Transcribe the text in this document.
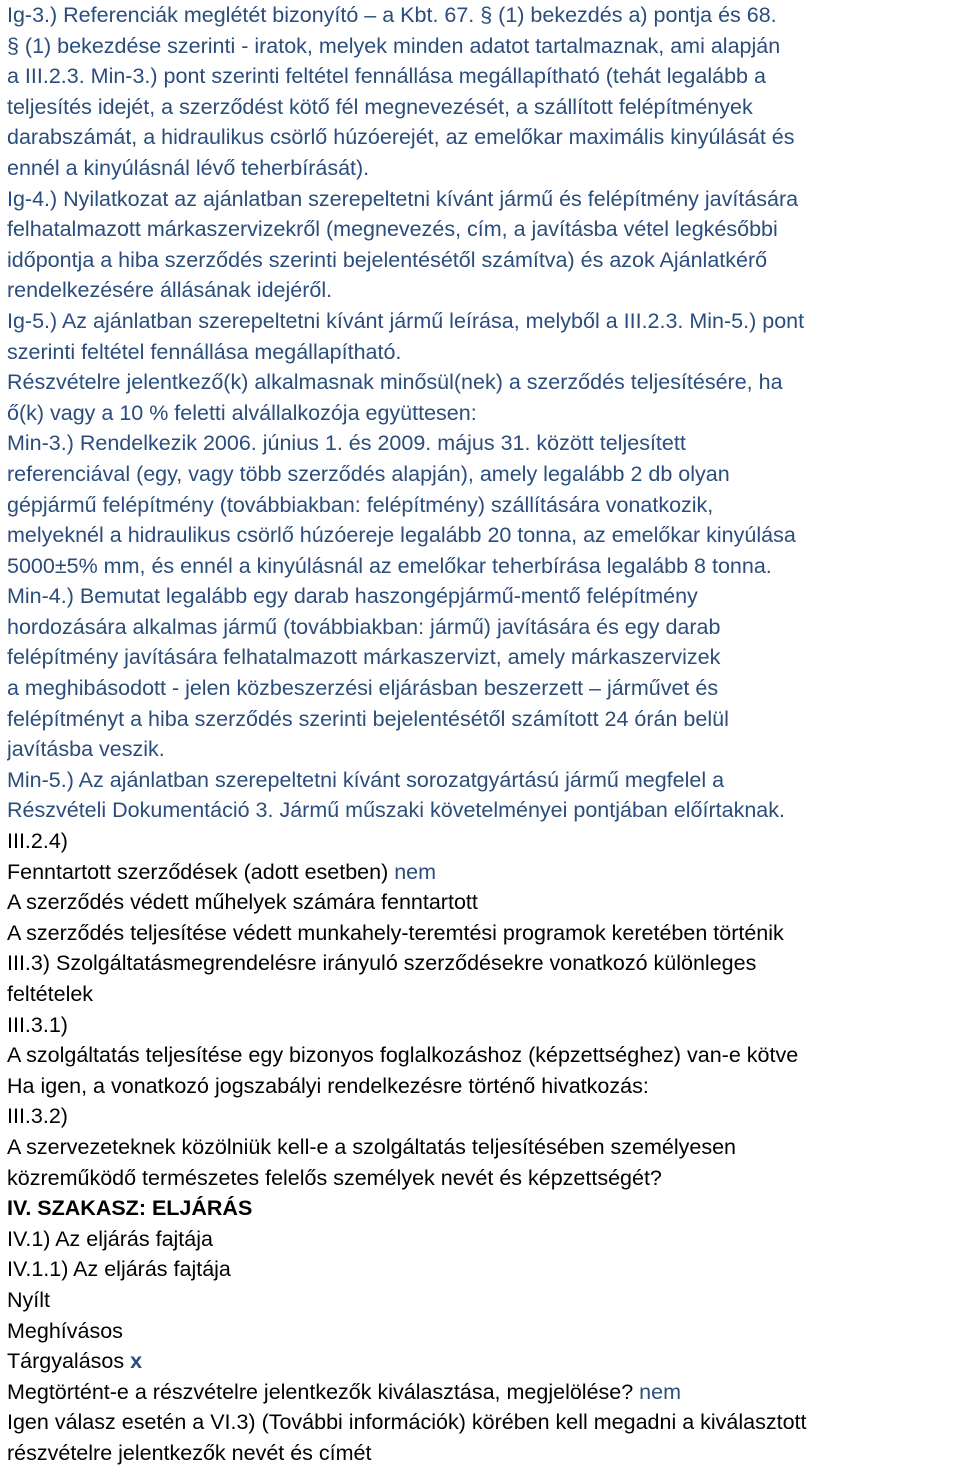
Ig-3.) Referenciák meglétét bizonyító – a Kbt. 67. § (1) bekezdés a) pontja és 68.
§ (1) bekezdése szerinti - iratok, melyek minden adatot tartalmaznak, ami alapján
a III.2.3. Min-3.) pont szerinti feltétel fennállása megállapítható (tehát legalább a
teljesítés idejét, a szerződést kötő fél megnevezését, a szállított felépítmények
darabszámát, a hidraulikus csörlő húzóerejét, az emelőkar maximális kinyúlását és
ennél a kinyúlásnál lévő teherbírását).
Ig-4.) Nyilatkozat az ajánlatban szerepeltetni kívánt jármű és felépítmény javítására
felhatalmazott márkaszervizekről (megnevezés, cím, a javításba vétel legkésőbbi
időpontja a hiba szerződés szerinti bejelentésétől számítva) és azok Ajánlatkérő
rendelkezésére állásának idejéről.
Ig-5.) Az ajánlatban szerepeltetni kívánt jármű leírása, melyből a III.2.3. Min-5.) pont
szerinti feltétel fennállása megállapítható.
Részvételre jelentkező(k) alkalmasnak minősül(nek) a szerződés teljesítésére, ha
ő(k) vagy a 10 % feletti alvállalkozója együttesen:
Min-3.) Rendelkezik 2006. június 1. és 2009. május 31. között teljesített
referenciával (egy, vagy több szerződés alapján), amely legalább 2 db olyan
gépjármű felépítmény (továbbiakban: felépítmény) szállítására vonatkozik,
melyeknél a hidraulikus csörlő húzóereje legalább 20 tonna, az emelőkar kinyúlása
5000±5% mm, és ennél a kinyúlásnál az emelőkar teherbírása legalább 8 tonna.
Min-4.) Bemutat legalább egy darab haszongépjármű-mentő felépítmény
hordozására alkalmas jármű (továbbiakban: jármű) javítására és egy darab
felépítmény javítására felhatalmazott márkaszervizt, amely márkaszervizek
a meghibásodott - jelen közbeszerzési eljárásban beszerzett – járművet és
felépítményt a hiba szerződés szerinti bejelentésétől számított 24 órán belül
javításba veszik.
Min-5.) Az ajánlatban szerepeltetni kívánt sorozatgyártású jármű megfelel a
Részvételi Dokumentáció 3. Jármű műszaki követelményei pontjában előírtaknak.
III.2.4)
Fenntartott szerződések (adott esetben) nem
A szerződés védett műhelyek számára fenntartott
A szerződés teljesítése védett munkahely-teremtési programok keretében történik
III.3) Szolgáltatásmegrendelésre irányuló szerződésekre vonatkozó különleges
feltételek
III.3.1)
A szolgáltatás teljesítése egy bizonyos foglalkozáshoz (képzettséghez) van-e kötve
Ha igen, a vonatkozó jogszabályi rendelkezésre történő hivatkozás:
III.3.2)
A szervezeteknek közölniük kell-e a szolgáltatás teljesítésében személyesen
közreműködő természetes felelős személyek nevét és képzettségét?
IV. SZAKASZ: ELJÁRÁS
IV.1) Az eljárás fajtája
IV.1.1) Az eljárás fajtája
Nyílt
Meghívásos
Tárgyalásos x
Megtörtént-e a részvételre jelentkezők kiválasztása, megjelölése? nem
Igen válasz esetén a VI.3) (További információk) körében kell megadni a kiválasztott
részvételre jelentkezők nevét és címét
